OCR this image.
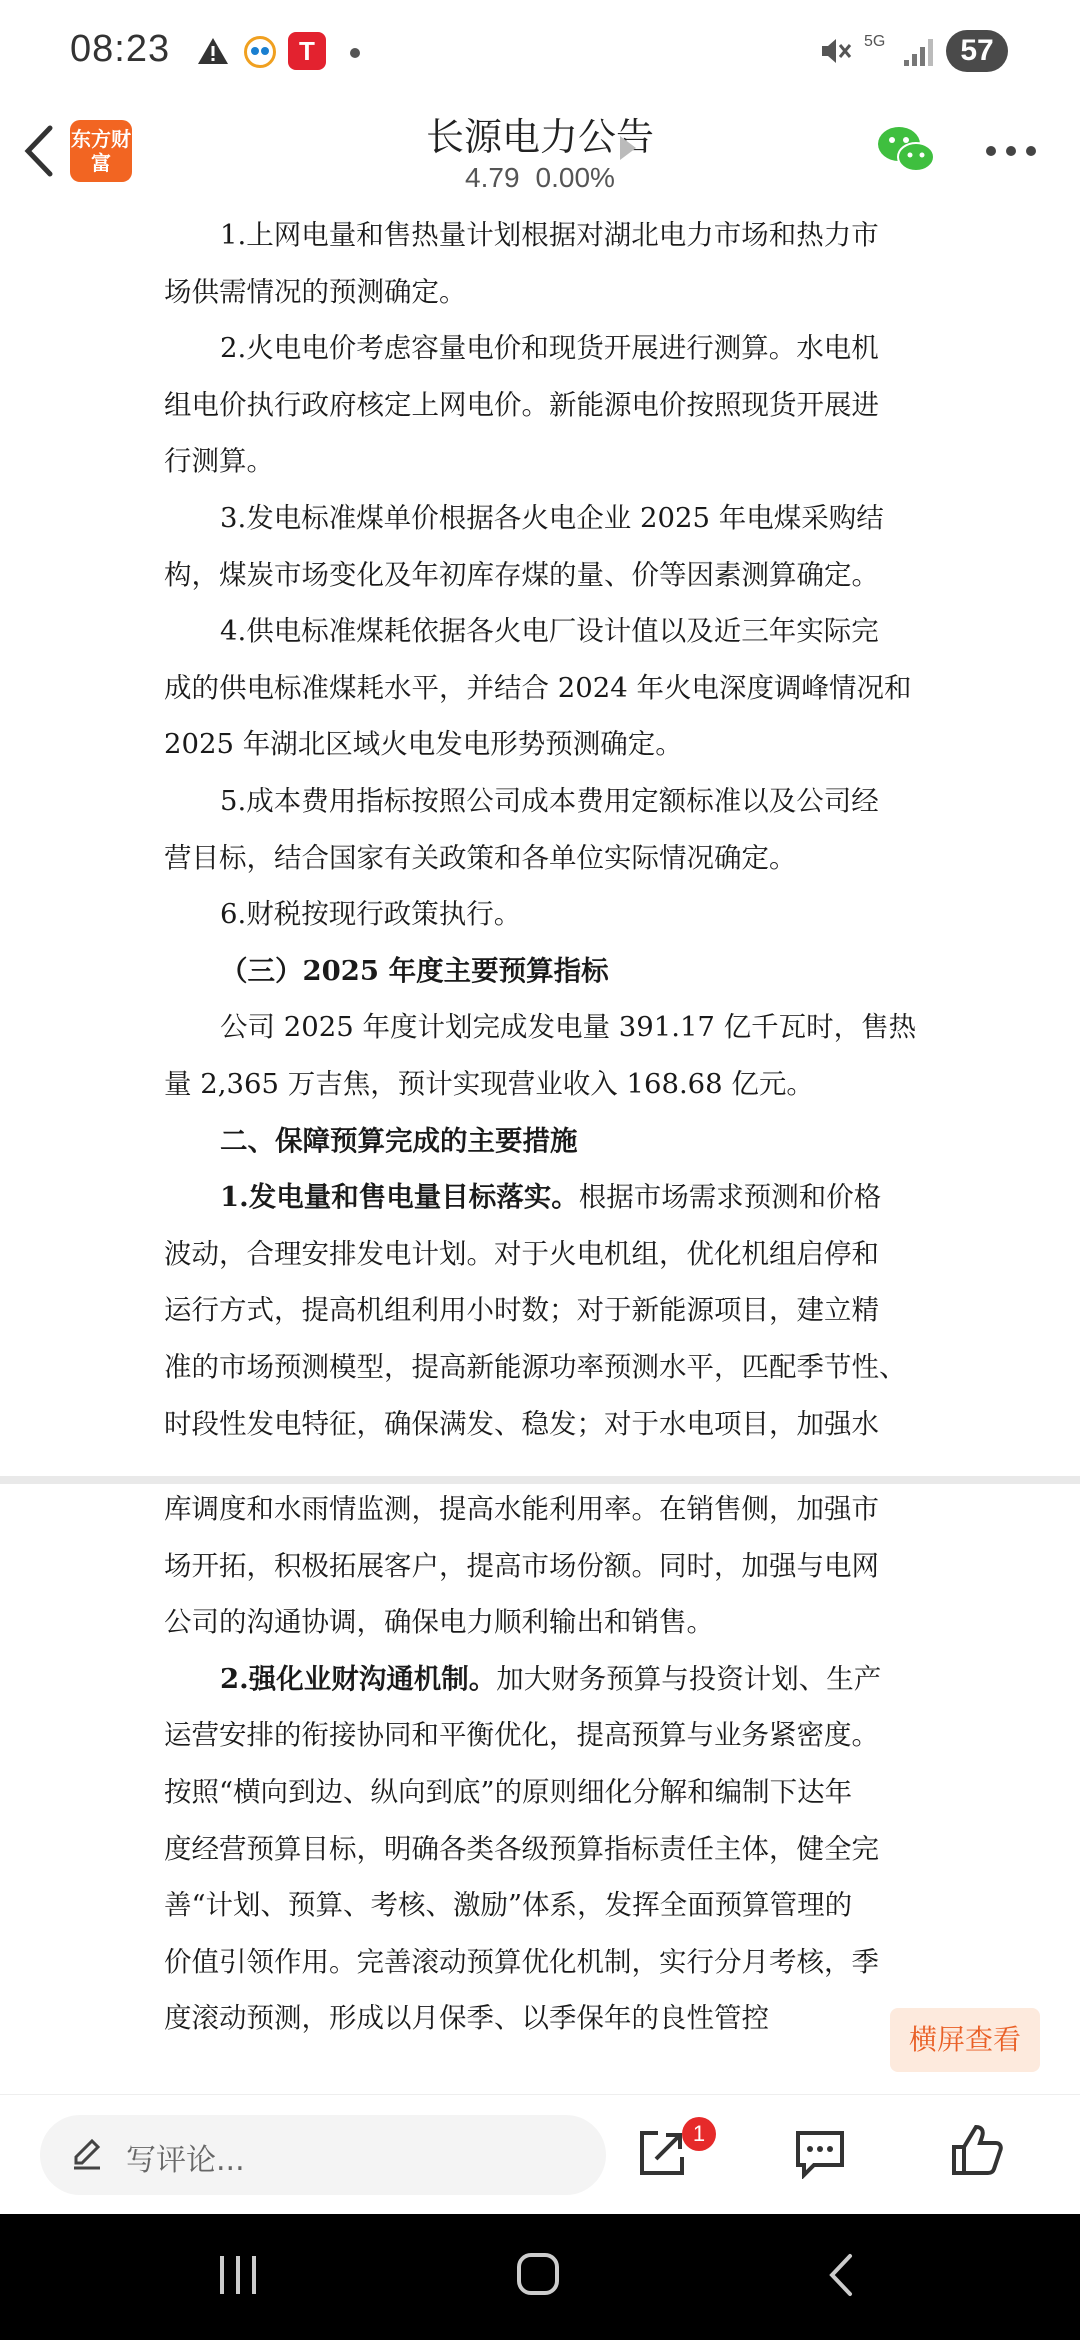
08:23	T	5G	57
东方财富
长源电力公告
4.79 0.00%
1.上网电量和售热量计划根据对湖北电力市场和热力市
场供需情况的预测确定。
2.火电电价考虑容量电价和现货开展进行测算。水电机
组电价执行政府核定上网电价。新能源电价按照现货开展进
行测算。
3.发电标准煤单价根据各火电企业 2025 年电煤采购结
构，煤炭市场变化及年初库存煤的量、价等因素测算确定。
4.供电标准煤耗依据各火电厂设计值以及近三年实际完
成的供电标准煤耗水平，并结合 2024 年火电深度调峰情况和
2025 年湖北区域火电发电形势预测确定。
5.成本费用指标按照公司成本费用定额标准以及公司经
营目标，结合国家有关政策和各单位实际情况确定。
6.财税按现行政策执行。
（三）2025 年度主要预算指标
公司 2025 年度计划完成发电量 391.17 亿千瓦时，售热
量 2,365 万吉焦，预计实现营业收入 168.68 亿元。
二、保障预算完成的主要措施
1.发电量和售电量目标落实。根据市场需求预测和价格
波动，合理安排发电计划。对于火电机组，优化机组启停和
运行方式，提高机组利用小时数；对于新能源项目，建立精
准的市场预测模型，提高新能源功率预测水平，匹配季节性、
时段性发电特征，确保满发、稳发；对于水电项目，加强水
库调度和水雨情监测，提高水能利用率。在销售侧，加强市
场开拓，积极拓展客户，提高市场份额。同时，加强与电网
公司的沟通协调，确保电力顺利输出和销售。
2.强化业财沟通机制。加大财务预算与投资计划、生产
运营安排的衔接协同和平衡优化，提高预算与业务紧密度。
按照“横向到边、纵向到底”的原则细化分解和编制下达年
度经营预算目标，明确各类各级预算指标责任主体，健全完
善“计划、预算、考核、激励”体系，发挥全面预算管理的
价值引领作用。完善滚动预算优化机制，实行分月考核，季
度滚动预测，形成以月保季、以季保年的良性管控
横屏查看
写评论...
1
